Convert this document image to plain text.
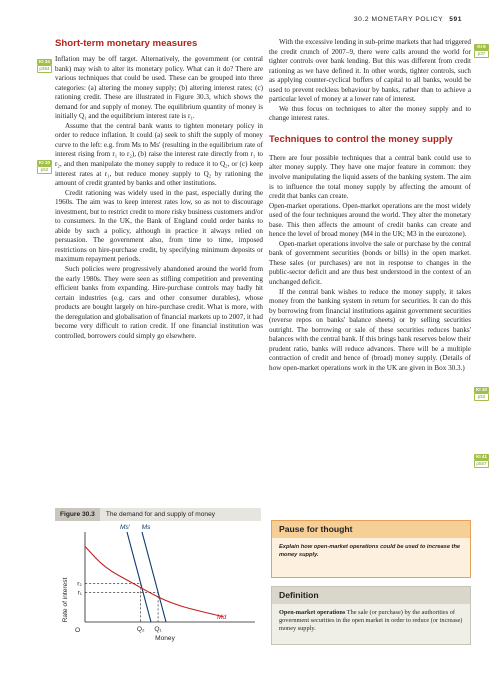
30.2 MONETARY POLICY 591
Short-term monetary measures

Inflation may be off target. Alternatively, the government (or central bank) may wish to alter its monetary policy. What can it do? There are various techniques that could be used. These can be grouped into three categories: (a) altering the money supply; (b) altering interest rates; (c) rationing credit. These are illustrated in Figure 30.3, which shows the demand for and supply of money. The equilibrium quantity of money is initially Q₁ and the equilibrium interest rate is r₁.

Assume that the central bank wants to tighten monetary policy in order to reduce inflation. It could (a) seek to shift the supply of money curve to the left: e.g. from Ms to Ms′ (resulting in the equilibrium rate of interest rising from r₁ to r₂), (b) raise the interest rate directly from r₁ to r₂, and then manipulate the money supply to reduce it to Q₂, or (c) keep interest rates at r₁, but reduce money supply to Q₂ by rationing the amount of credit granted by banks and other institutions.

Credit rationing was widely used in the past, especially during the 1960s. The aim was to keep interest rates low, so as not to discourage investment, but to restrict credit to more risky business customers and/or to consumers. In the UK, the Bank of England could order banks to abide by such a policy, although in practice it always relied on persuasion. The government also, from time to time, imposed restrictions on hire-purchase credit, by specifying minimum deposits or maximum repayment periods.

Such policies were progressively abandoned around the world from the early 1980s. They were seen as stifling competition and preventing efficient banks from expanding. Hire-purchase controls may badly hit certain industries (e.g. cars and other consumer durables), whose products are bought largely on hire-purchase credit. What is more, with the deregulation and globalisation of financial markets up to 2007, it had become very difficult to ration credit. If one financial institution was controlled, borrowers could simply go elsewhere.

KI 34
p354
KI 10
p52

With the excessive lending in sub-prime markets that had triggered the credit crunch of 2007–9, there were calls around the world for tighter controls over bank lending. But this was different from credit rationing as we have defined it. In other words, tighter controls, such as applying counter-cyclical buffers of capital to all banks, would be used to prevent reckless behaviour by banks, rather than to achieve a particular level of money at a lower rate of interest.

We thus focus on techniques to alter the money supply and to change interest rates.

Techniques to control the money supply

There are four possible techniques that a central bank could use to alter money supply. They have one major feature in common: they involve manipulating the liquid assets of the banking system. The aim is to influence the total money supply by affecting the amount of credit that banks can create.

Open-market operations. Open-market operations are the most widely used of the four techniques around the world. They alter the monetary base. This then affects the amount of credit banks can create and hence the level of broad money (M4 in the UK; M3 in the eurozone).

Open-market operations involve the sale or purchase by the central bank of government securities (bonds or bills) in the open market. These sales (or purchases) are not in response to changes in the public-sector deficit and are thus best understood in the context of an unchanged deficit.

If the central bank wishes to reduce the money supply, it takes money from the banking system in return for securities. It can do this by borrowing from financial institutions against government securities (reverse repos on banks' balance sheets) or by selling securities outright. The borrowing or sale of these securities reduces banks' balances with the central bank. If this brings bank reserves below their prudent ratio, banks will reduce advances. There will be a multiple contraction of credit and hence of (broad) money supply. (Details of how open-market operations work in the UK are given in Box 30.3.)

KI 6
p37
KI 10
p52
KI 41
p567
Figure 30.3 The demand for and supply of money
Rate of interest
Money
O
Ms′ Ms
Md
r₂
r₁
Q₂ Q₁
Pause for thought
Explain how open-market operations could be used to increase the money supply.
Definition
Open-market operations The sale (or purchase) by the authorities of government securities in the open market in order to reduce (or increase) money supply.
